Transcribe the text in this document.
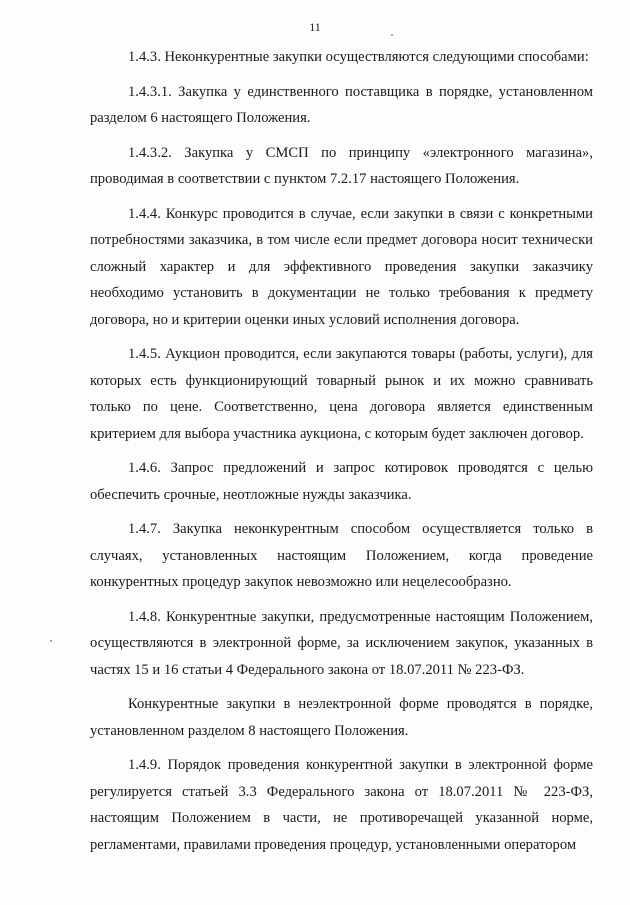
11

1.4.3. Неконкурентные закупки осуществляются следующими способами:

1.4.3.1. Закупка у единственного поставщика в порядке, установленном разделом 6 настоящего Положения.

1.4.3.2. Закупка у СМСП по принципу «электронного магазина», проводимая в соответствии с пунктом 7.2.17 настоящего Положения.

1.4.4. Конкурс проводится в случае, если закупки в связи с конкретными потребностями заказчика, в том числе если предмет договора носит технически сложный характер и для эффективного проведения закупки заказчику необходимо установить в документации не только требования к предмету договора, но и критерии оценки иных условий исполнения договора.

1.4.5. Аукцион проводится, если закупаются товары (работы, услуги), для которых есть функционирующий товарный рынок и их можно сравнивать только по цене. Соответственно, цена договора является единственным критерием для выбора участника аукциона, с которым будет заключен договор.

1.4.6. Запрос предложений и запрос котировок проводятся с целью обеспечить срочные, неотложные нужды заказчика.

1.4.7. Закупка неконкурентным способом осуществляется только в случаях, установленных настоящим Положением, когда проведение конкурентных процедур закупок невозможно или нецелесообразно.

1.4.8. Конкурентные закупки, предусмотренные настоящим Положением, осуществляются в электронной форме, за исключением закупок, указанных в частях 15 и 16 статьи 4 Федерального закона от 18.07.2011 № 223-ФЗ.

Конкурентные закупки в неэлектронной форме проводятся в порядке, установленном разделом 8 настоящего Положения.

1.4.9. Порядок проведения конкурентной закупки в электронной форме регулируется статьей 3.3 Федерального закона от 18.07.2011 № 223-ФЗ, настоящим Положением в части, не противоречащей указанной норме, регламентами, правилами проведения процедур, установленными оператором
